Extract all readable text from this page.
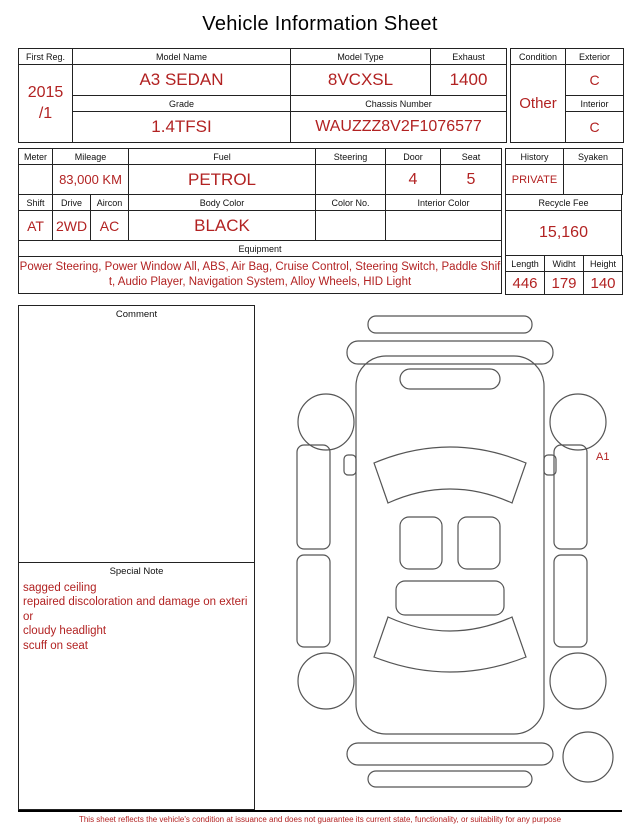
Vehicle Information Sheet
First Reg.	Model Name	Model Type	Exhaust
2015
/1	A3 SEDAN	8VCXSL	1400
	Grade	Chassis Number	
	1.4TFSI	WAUZZZ8V2F1076577	
Condition	Exterior
Other	C
	Interior
	C
Meter	Mileage		Fuel	Steering	Door	Seat
	83,000 KM		PETROL		4	5
Shift	Drive	Aircon	Body Color	Color No.	Interior Color	
AT	2WD	AC	BLACK			
Equipment						
Power Steering, Power Window All, ABS, Air Bag, Cruise Control, Steering Switch, Paddle Shift, Audio Player, Navigation System, Alloy Wheels, HID Light						
History	Syaken
PRIVATE	
Recycle Fee
15,160
Length	Widht	Height
446	179	140
Comment
Special Note
sagged ceiling
repaired discoloration and damage on exterior
cloudy headlight
scuff on seat
A1
This sheet reflects the vehicle's condition at issuance and does not guarantee its current state, functionality, or suitability for any purpose
